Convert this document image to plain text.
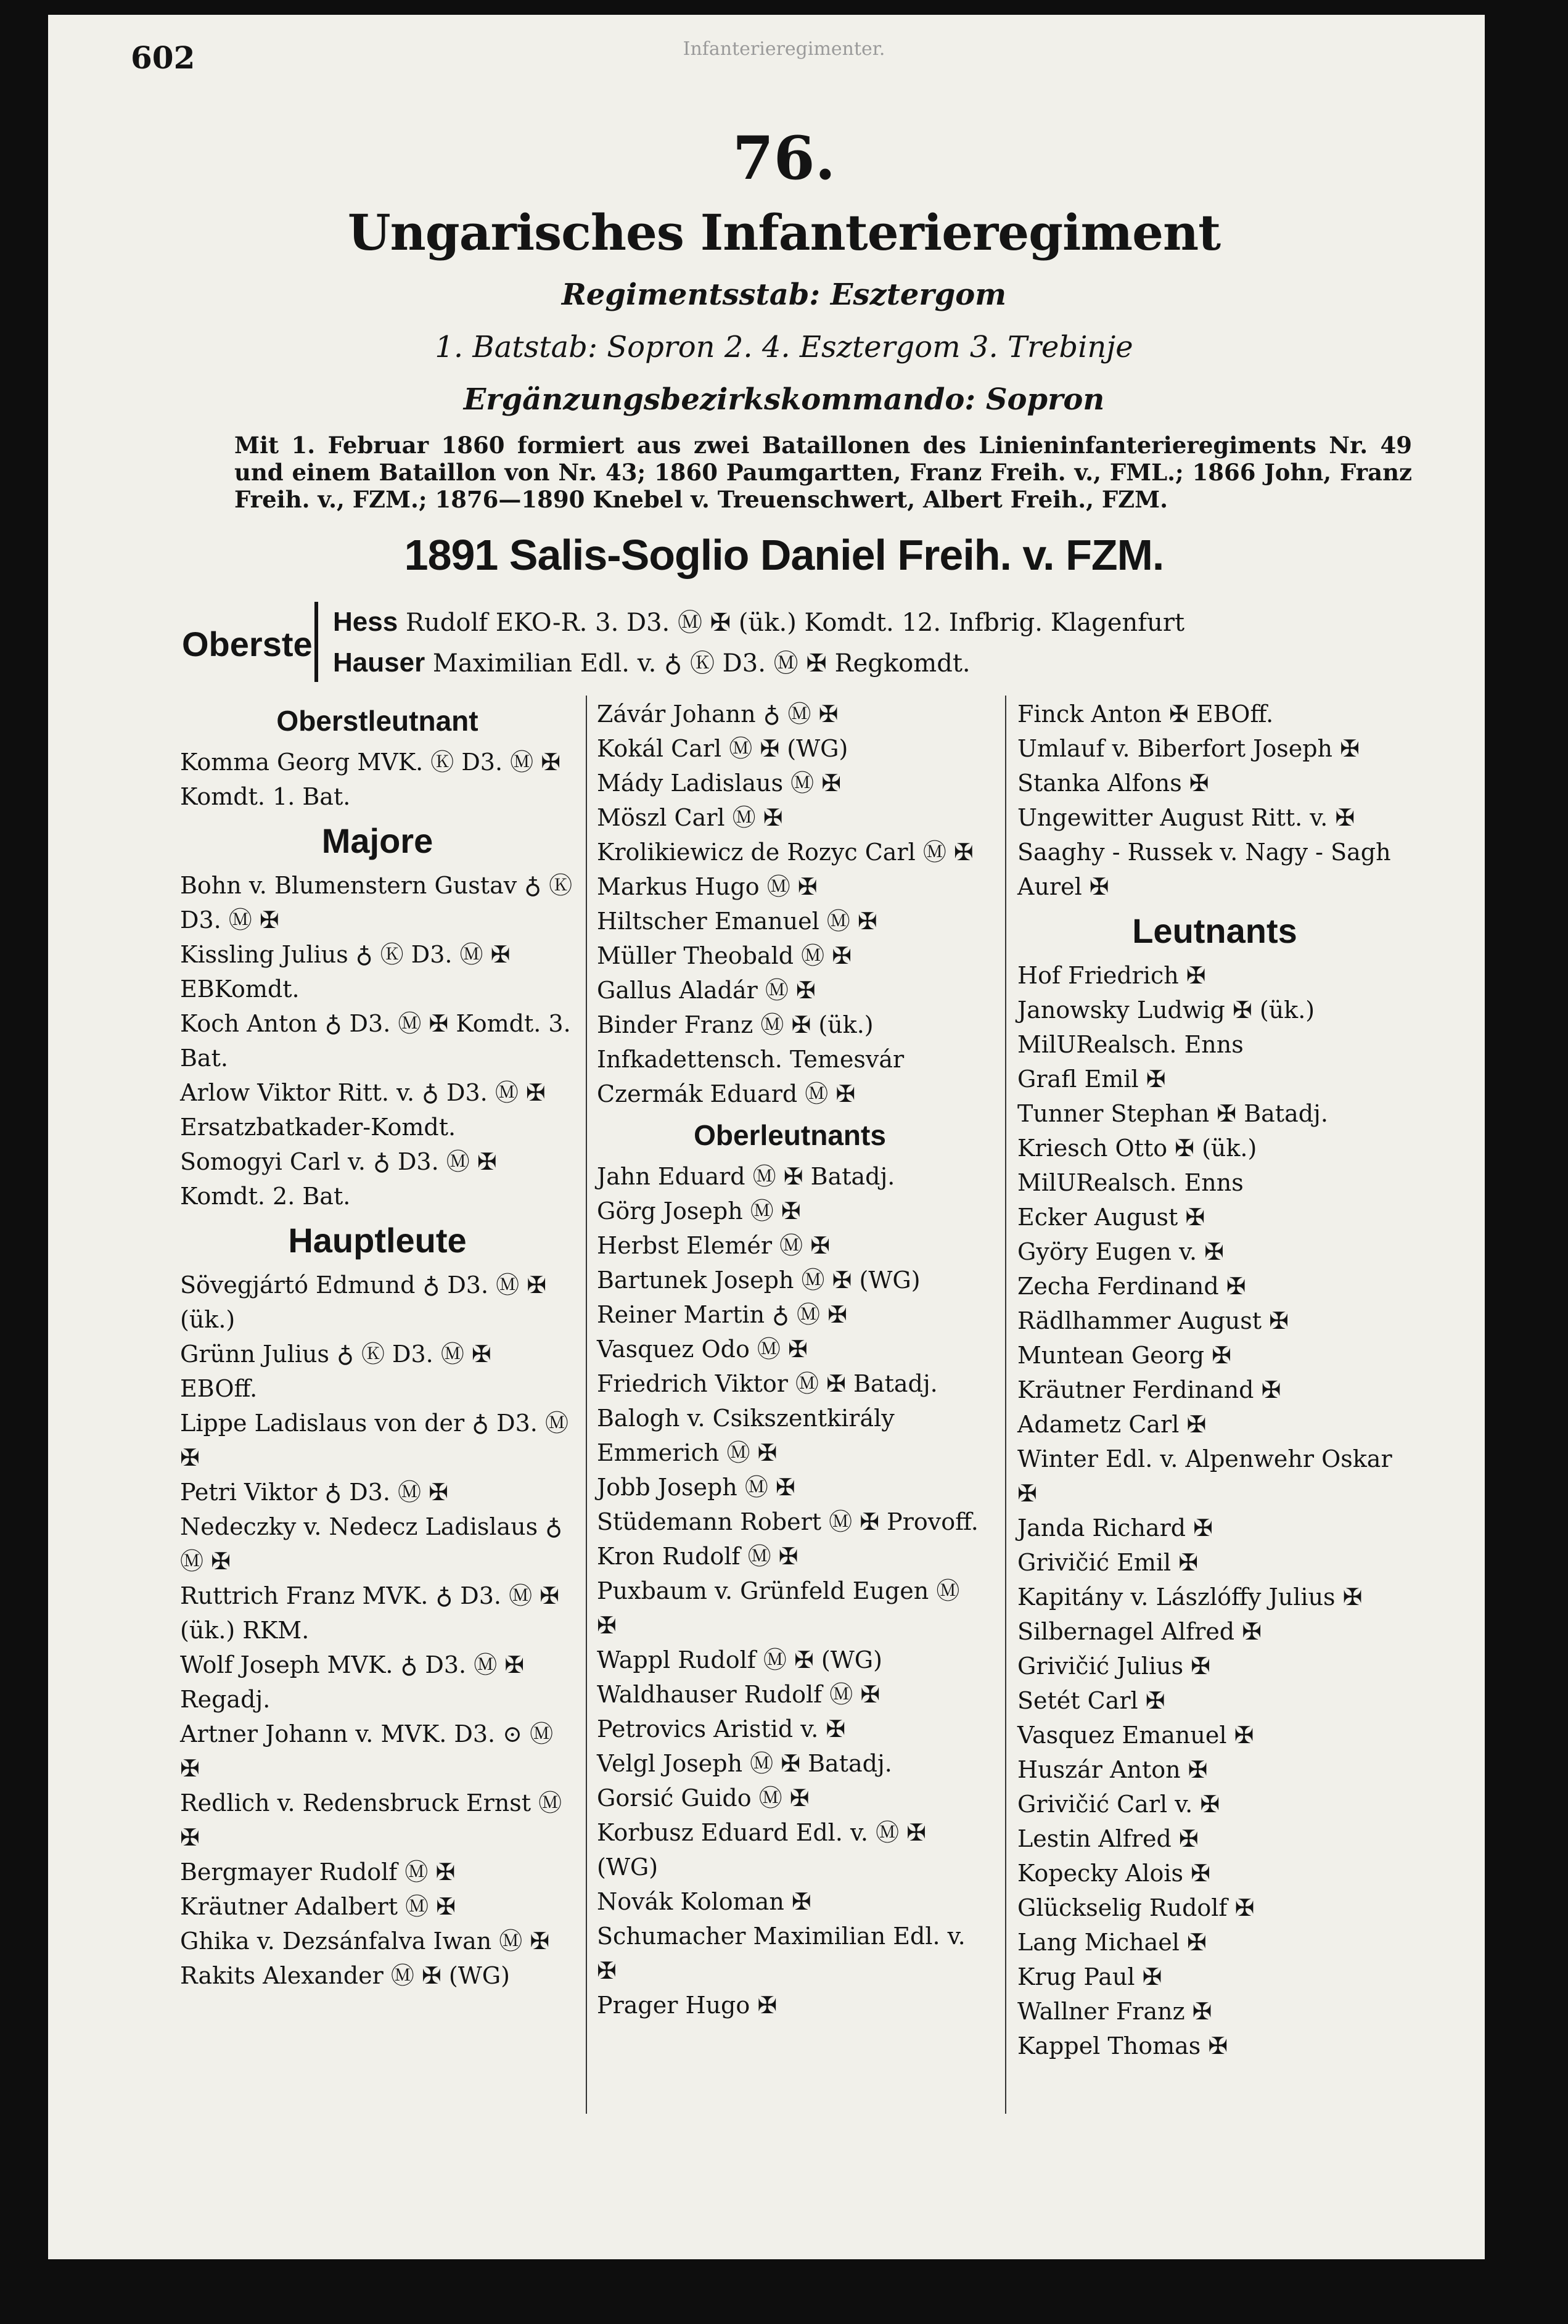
602	Infanterieregimenter.
76.
Ungarisches Infanterieregiment
Regimentsstab: Esztergom
1. Batstab: Sopron 2. 4. Esztergom 3. Trebinje
Ergänzungsbezirkskommando: Sopron
Mit 1. Februar 1860 formiert aus zwei Bataillonen des Linieninfanterieregiments Nr. 49 und einem Bataillon von Nr. 43; 1860 Paumgartten, Franz Freih. v., FML.; 1866 John, Franz Freih. v., FZM.; 1876—1890 Knebel v. Treuenschwert, Albert Freih., FZM.
1891 Salis-Soglio Daniel Freih. v. FZM.
Oberste
Hess Rudolf EKO-R. 3. D3. Ⓜ ✠ (ük.) Komdt. 12. Infbrig. Klagenfurt
Hauser Maximilian Edl. v. ♁ Ⓚ D3. Ⓜ ✠ Regkomdt.
Oberstleutnant
Komma Georg MVK. Ⓚ D3. Ⓜ ✠ Komdt. 1. Bat.
Majore
Bohn v. Blumenstern Gustav ♁ Ⓚ D3. Ⓜ ✠
Kissling Julius ♁ Ⓚ D3. Ⓜ ✠ EBKomdt.
Koch Anton ♁ D3. Ⓜ ✠ Komdt. 3. Bat.
Arlow Viktor Ritt. v. ♁ D3. Ⓜ ✠ Ersatzbatkader-Komdt.
Somogyi Carl v. ♁ D3. Ⓜ ✠ Komdt. 2. Bat.
Hauptleute
Sövegjártó Edmund ♁ D3. Ⓜ ✠ (ük.)
Grünn Julius ♁ Ⓚ D3. Ⓜ ✠ EBOff.
Lippe Ladislaus von der ♁ D3. Ⓜ ✠
Petri Viktor ♁ D3. Ⓜ ✠
Nedeczky v. Nedecz Ladislaus ♁ Ⓜ ✠
Ruttrich Franz MVK. ♁ D3. Ⓜ ✠ (ük.) RKM.
Wolf Joseph MVK. ♁ D3. Ⓜ ✠ Regadj.
Artner Johann v. MVK. D3. ⊙ Ⓜ ✠
Redlich v. Redensbruck Ernst Ⓜ ✠
Bergmayer Rudolf Ⓜ ✠
Kräutner Adalbert Ⓜ ✠
Ghika v. Dezsánfalva Iwan Ⓜ ✠
Rakits Alexander Ⓜ ✠ (WG)
Závár Johann ♁ Ⓜ ✠
Kokál Carl Ⓜ ✠ (WG)
Mády Ladislaus Ⓜ ✠
Möszl Carl Ⓜ ✠
Krolikiewicz de Rozyc Carl Ⓜ ✠
Markus Hugo Ⓜ ✠
Hiltscher Emanuel Ⓜ ✠
Müller Theobald Ⓜ ✠
Gallus Aladár Ⓜ ✠
Binder Franz Ⓜ ✠ (ük.) Infkadettensch. Temesvár
Czermák Eduard Ⓜ ✠
Oberleutnants
Jahn Eduard Ⓜ ✠ Batadj.
Görg Joseph Ⓜ ✠
Herbst Elemér Ⓜ ✠
Bartunek Joseph Ⓜ ✠ (WG)
Reiner Martin ♁ Ⓜ ✠
Vasquez Odo Ⓜ ✠
Friedrich Viktor Ⓜ ✠ Batadj.
Balogh v. Csikszentkirály Emmerich Ⓜ ✠
Jobb Joseph Ⓜ ✠
Stüdemann Robert Ⓜ ✠ Provoff.
Kron Rudolf Ⓜ ✠
Puxbaum v. Grünfeld Eugen Ⓜ ✠
Wappl Rudolf Ⓜ ✠ (WG)
Waldhauser Rudolf Ⓜ ✠
Petrovics Aristid v. ✠
Velgl Joseph Ⓜ ✠ Batadj.
Gorsić Guido Ⓜ ✠
Korbusz Eduard Edl. v. Ⓜ ✠ (WG)
Novák Koloman ✠
Schumacher Maximilian Edl. v. ✠
Prager Hugo ✠
Finck Anton ✠ EBOff.
Umlauf v. Biberfort Joseph ✠
Stanka Alfons ✠
Ungewitter August Ritt. v. ✠
Saaghy - Russek v. Nagy - Sagh Aurel ✠
Leutnants
Hof Friedrich ✠
Janowsky Ludwig ✠ (ük.) MilURealsch. Enns
Grafl Emil ✠
Tunner Stephan ✠ Batadj.
Kriesch Otto ✠ (ük.) MilURealsch. Enns
Ecker August ✠
Györy Eugen v. ✠
Zecha Ferdinand ✠
Rädlhammer August ✠
Muntean Georg ✠
Kräutner Ferdinand ✠
Adametz Carl ✠
Winter Edl. v. Alpenwehr Oskar ✠
Janda Richard ✠
Grivičić Emil ✠
Kapitány v. Lászlóffy Julius ✠
Silbernagel Alfred ✠
Grivičić Julius ✠
Setét Carl ✠
Vasquez Emanuel ✠
Huszár Anton ✠
Grivičić Carl v. ✠
Lestin Alfred ✠
Kopecky Alois ✠
Glückselig Rudolf ✠
Lang Michael ✠
Krug Paul ✠
Wallner Franz ✠
Kappel Thomas ✠
